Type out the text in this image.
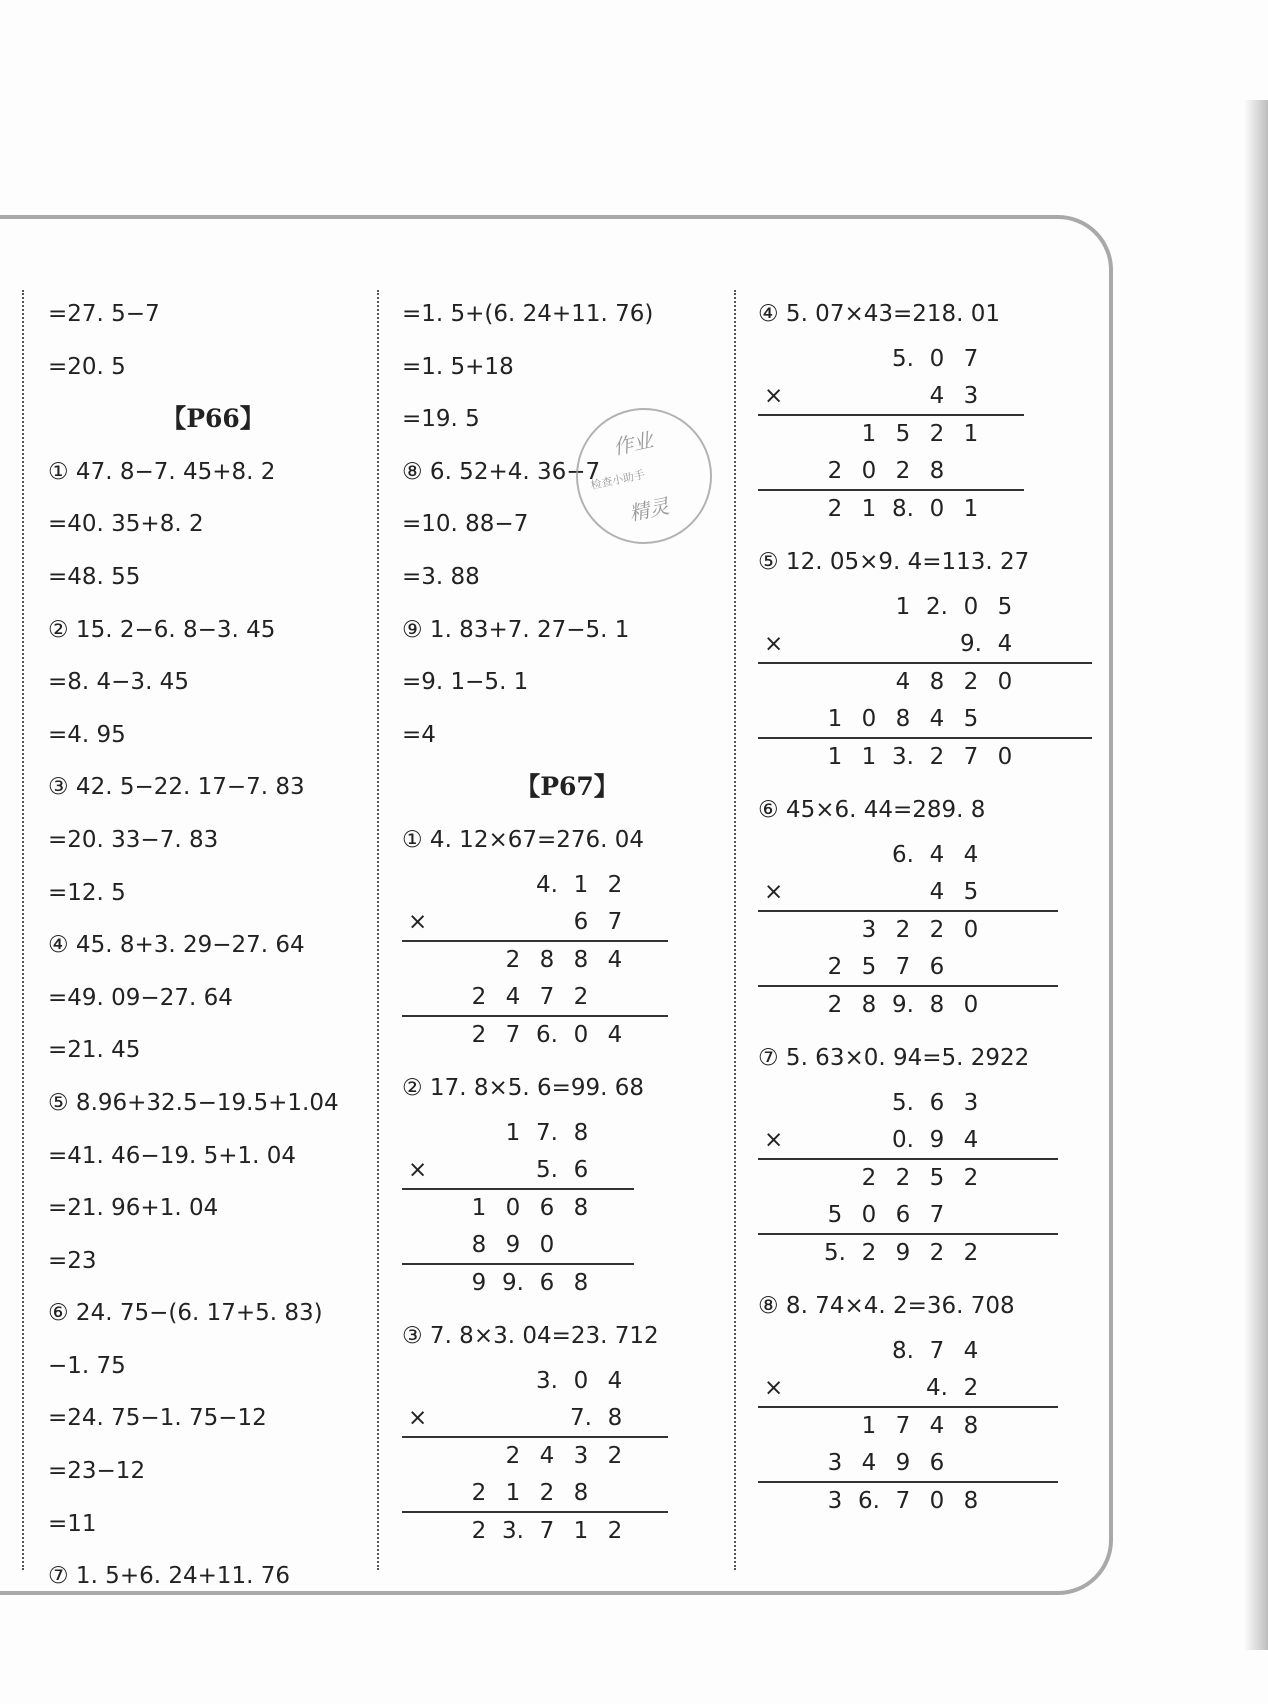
=27. 5−7
=20. 5
【P66】
① 47. 8−7. 45+8. 2
=40. 35+8. 2
=48. 55
② 15. 2−6. 8−3. 45
=8. 4−3. 45
=4. 95
③ 42. 5−22. 17−7. 83
=20. 33−7. 83
=12. 5
④ 45. 8+3. 29−27. 64
=49. 09−27. 64
=21. 45
⑤ 8.96+32.5−19.5+1.04
=41. 46−19. 5+1. 04
=21. 96+1. 04
=23
⑥ 24. 75−(6. 17+5. 83)
−1. 75
=24. 75−1. 75−12
=23−12
=11
⑦ 1. 5+6. 24+11. 76
=1. 5+(6. 24+11. 76)
=1. 5+18
=19. 5
⑧ 6. 52+4. 36−7
=10. 88−7
=3. 88
⑨ 1. 83+7. 27−5. 1
=9. 1−5. 1
=4
【P67】
① 4. 12×67=276. 04
4. 1 2
×	6 7
2 8 8 4
2 4 7 2
2 7 6. 0 4
② 17. 8×5. 6=99. 68
1 7. 8
×	5. 6
1 0 6 8
8 9 0
9 9. 6 8
③ 7. 8×3. 04=23. 712
3. 0 4
×	7. 8
2 4 3 2
2 1 2 8
2 3. 7 1 2
④ 5. 07×43=218. 01
5. 0 7
×	4 3
1 5 2 1
2 0 2 8
2 1 8. 0 1
⑤ 12. 05×9. 4=113. 27
1 2. 0 5
×	9. 4
4 8 2 0
1 0 8 4 5
1 1 3. 2 7 0
⑥ 45×6. 44=289. 8
6. 4 4
×	4 5
3 2 2 0
2 5 7 6
2 8 9. 8 0
⑦ 5. 63×0. 94=5. 2922
5. 6 3
×	0. 9 4
2 2 5 2
5 0 6 7
5. 2 9 2 2
⑧ 8. 74×4. 2=36. 708
8. 7 4
×	4. 2
1 7 4 8
3 4 9 6
3 6. 7 0 8
作业
检查小助手
精灵
